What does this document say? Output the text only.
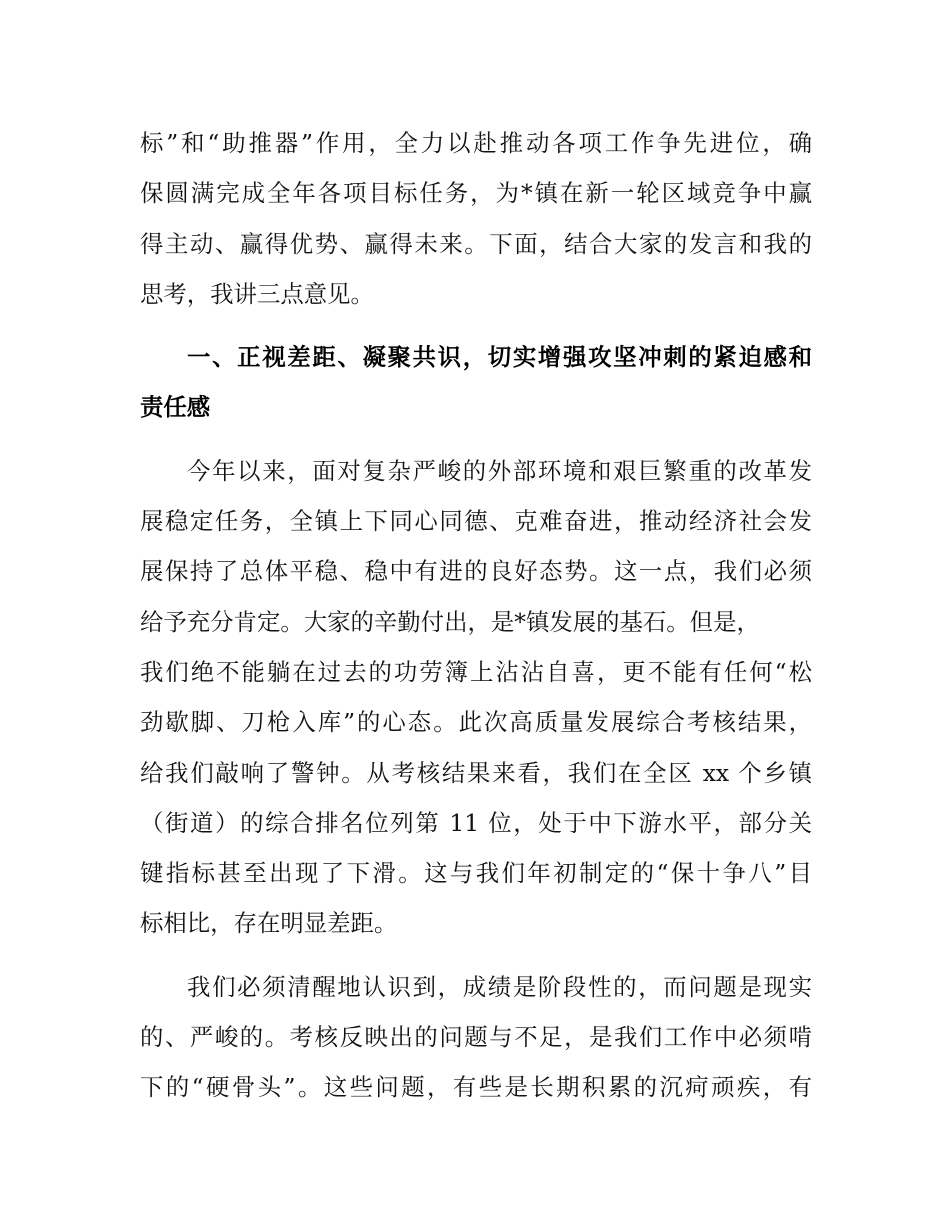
标”和“助推器”作用，全力以赴推动各项工作争先进位，确
保圆满完成全年各项目标任务，为*镇在新一轮区域竞争中赢
得主动、赢得优势、赢得未来。下面，结合大家的发言和我的
思考，我讲三点意见。
一、正视差距、凝聚共识，切实增强攻坚冲刺的紧迫感和
责任感
今年以来，面对复杂严峻的外部环境和艰巨繁重的改革发
展稳定任务，全镇上下同心同德、克难奋进，推动经济社会发
展保持了总体平稳、稳中有进的良好态势。这一点，我们必须
给予充分肯定。大家的辛勤付出，是*镇发展的基石。但是，
我们绝不能躺在过去的功劳簿上沾沾自喜，更不能有任何“松
劲歇脚、刀枪入库”的心态。此次高质量发展综合考核结果，
给我们敲响了警钟。从考核结果来看，我们在全区 xx 个乡镇
（街道）的综合排名位列第 11 位，处于中下游水平，部分关
键指标甚至出现了下滑。这与我们年初制定的“保十争八”目
标相比，存在明显差距。
我们必须清醒地认识到，成绩是阶段性的，而问题是现实
的、严峻的。考核反映出的问题与不足，是我们工作中必须啃
下的“硬骨头”。这些问题，有些是长期积累的沉疴顽疾，有
